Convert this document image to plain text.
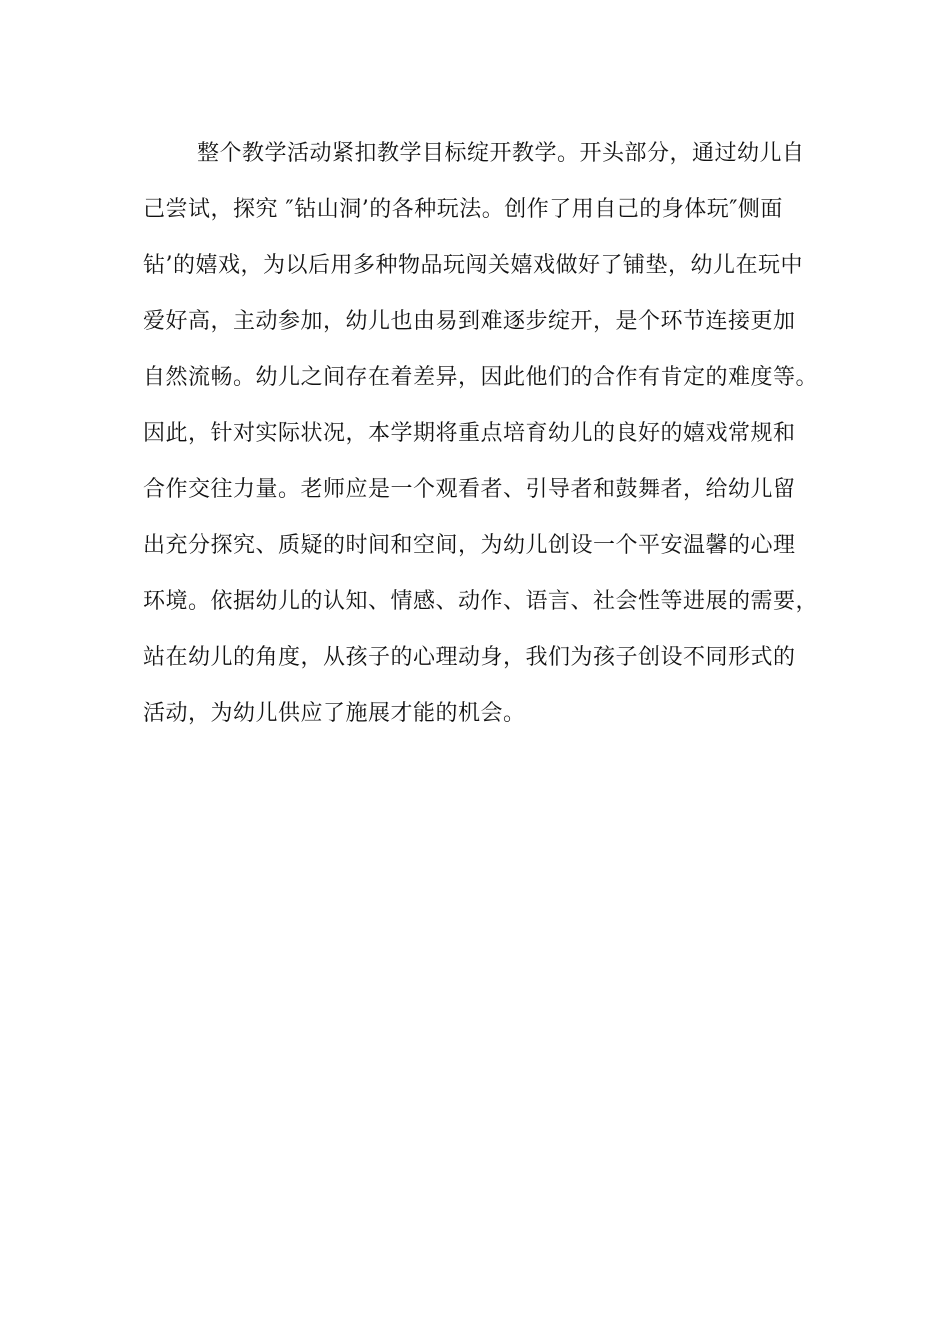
整个教学活动紧扣教学目标绽开教学。开头部分，通过幼儿自
己尝试，探究 ″钻山洞’的各种玩法。创作了用自己的身体玩″侧面
钻’的嬉戏，为以后用多种物品玩闯关嬉戏做好了铺垫，幼儿在玩中
爱好高，主动参加，幼儿也由易到难逐步绽开，是个环节连接更加
自然流畅。幼儿之间存在着差异，因此他们的合作有肯定的难度等。
因此，针对实际状况，本学期将重点培育幼儿的良好的嬉戏常规和
合作交往力量。老师应是一个观看者、引导者和鼓舞者，给幼儿留
出充分探究、质疑的时间和空间，为幼儿创设一个平安温馨的心理
环境。依据幼儿的认知、情感、动作、语言、社会性等进展的需要，
站在幼儿的角度，从孩子的心理动身，我们为孩子创设不同形式的
活动，为幼儿供应了施展才能的机会。
